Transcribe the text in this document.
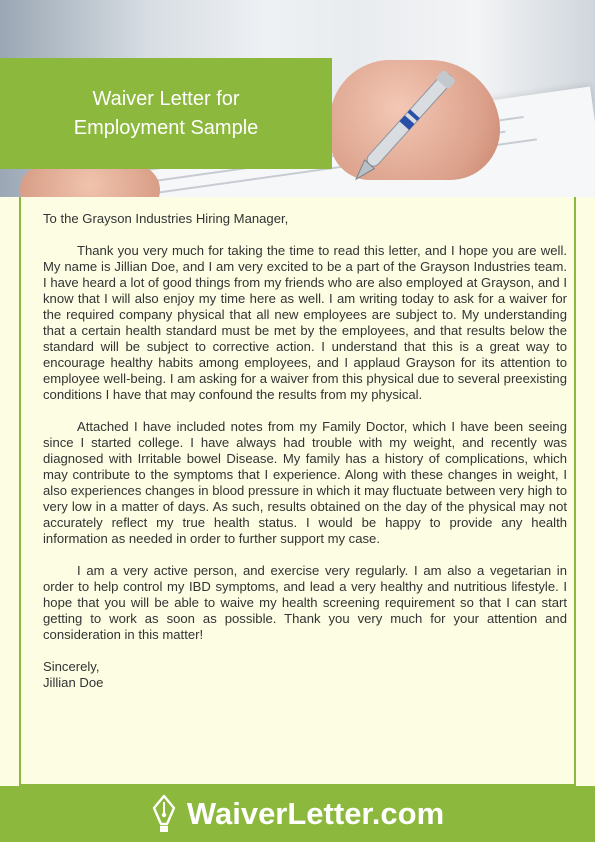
Waiver Letter for
Employment Sample

To the Grayson Industries Hiring Manager,

Thank you very much for taking the time to read this letter, and I hope you are well. My name is Jillian Doe, and I am very excited to be a part of the Grayson Industries team. I have heard a lot of good things from my friends who are also employed at Grayson, and I know that I will also enjoy my time here as well. I am writing today to ask for a waiver for the required company physical that all new employees are subject to. My understanding that a certain health standard must be met by the employees, and that results below the standard will be subject to corrective action. I understand that this is a great way to encourage healthy habits among employees, and I applaud Grayson for its attention to employee well-being. I am asking for a waiver from this physical due to several preexisting conditions I have that may confound the results from my physical.

Attached I have included notes from my Family Doctor, which I have been seeing since I started college. I have always had trouble with my weight, and recently was diagnosed with Irritable bowel Disease. My family has a history of complications, which may contribute to the symptoms that I experience. Along with these changes in weight, I also experiences changes in blood pressure in which it may fluctuate between very high to very low in a matter of days. As such, results obtained on the day of the physical may not accurately reflect my true health status. I would be happy to provide any health information as needed in order to further support my case.

I am a very active person, and exercise very regularly. I am also a vegetarian in order to help control my IBD symptoms, and lead a very healthy and nutritious lifestyle. I hope that you will be able to waive my health screening requirement so that I can start getting to work as soon as possible. Thank you very much for your attention and consideration in this matter!

Sincerely,

Jillian Doe

WaiverLetter.com
